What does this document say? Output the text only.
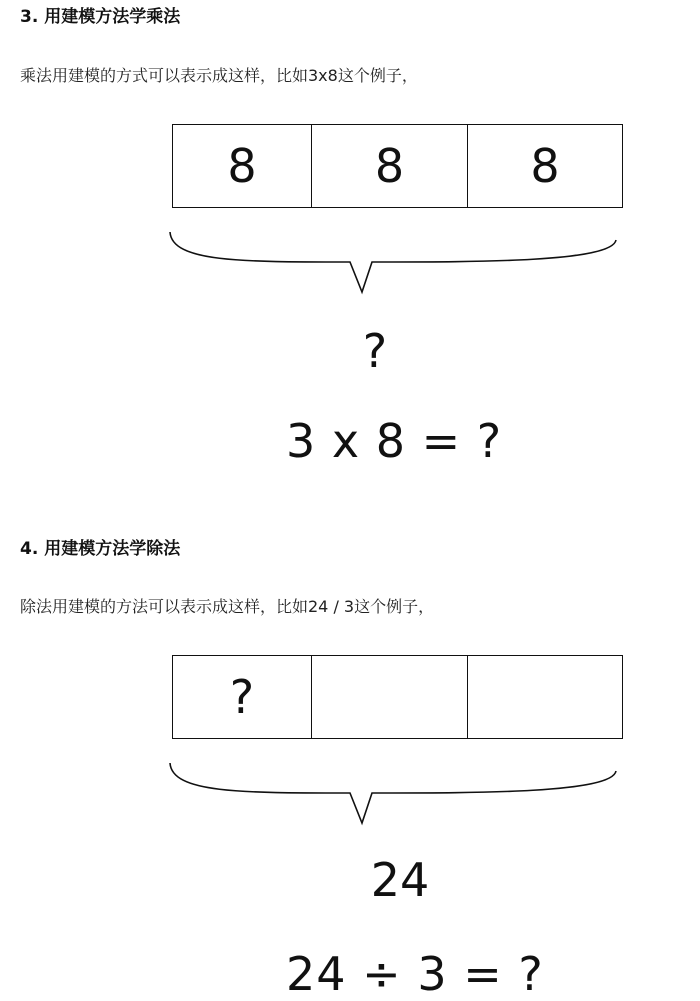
3. 用建模方法学乘法

乘法用建模的方式可以表示成这样，比如3x8这个例子，

8	8	8

?

3 x 8 = ?

4. 用建模方法学除法

除法用建模的方法可以表示成这样，比如24 / 3这个例子，

?

24

24 ÷ 3 = ?
